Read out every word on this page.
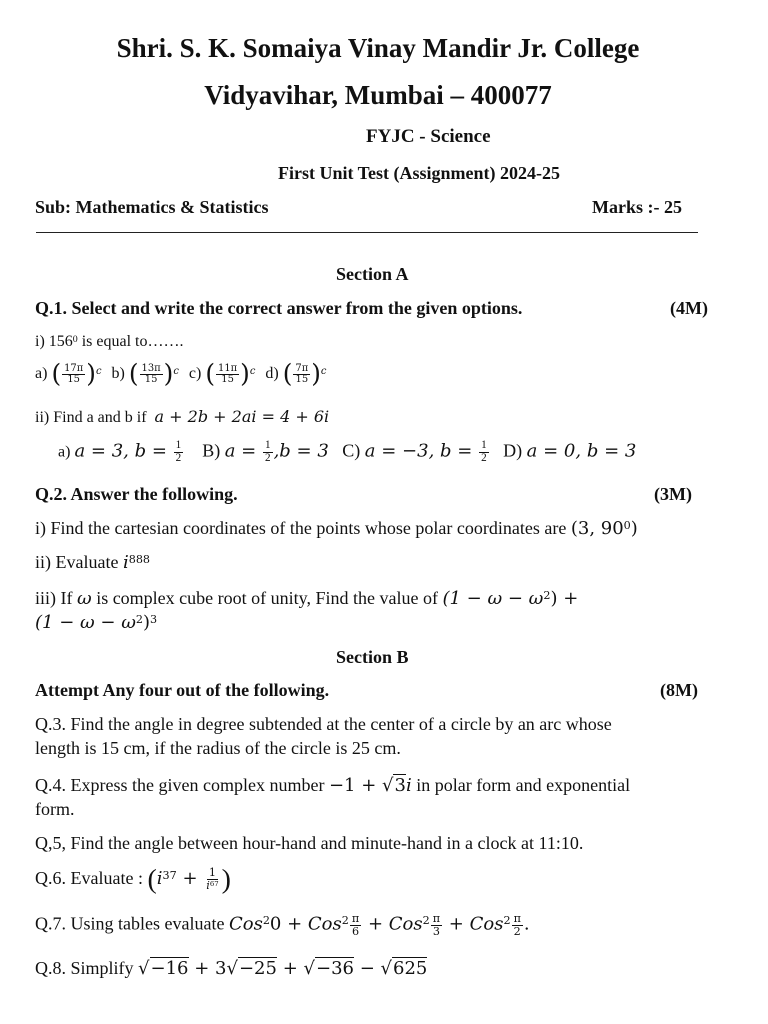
Shri. S. K. Somaiya Vinay Mandir Jr. College
Vidyavihar, Mumbai – 400077
FYJC - Science
First Unit Test (Assignment) 2024-25
Sub: Mathematics & Statistics	Marks :- 25
Section A
Q.1. Select and write the correct answer from the given options.	(4M)
i) $156^0$ is equal to…….
a) ( $\frac{17\pi}{15} )^c$ b) ( $\frac{13\pi}{15} )^c$ c) ( $\frac{11\pi}{15} )^c$ d) ( $\frac{7\pi}{15} )^c$
ii) Find a and b if  a + 2b + 2ai = 4 + 6i
a) a = 3, $b = \frac{1}{2} B$) $a = \frac{1}{2} ,b = 3$ C) a = −3, $b = \frac{1}{2} D$) a = 0, b = 3
Q.2. Answer the following.	(3M)
i) Find the cartesian coordinates of the points whose polar coordinates are (3, $90^0$)
ii) Evaluate $i^{888}$
iii) If ω is complex cube root of unity, Find the value of $(1 - \omega - \omega^2)$ +
$(1 - \omega - \omega^2)^3$
Section B
Attempt Any four out of the following.	(8M)
Q.3. Find the angle in degree subtended at the center of a circle by an arc whose
length is 15 cm, if the radius of the circle is 25 cm.
Q.4. Express the given complex number −1 + √3i in polar form and exponential
form.
Q,5, Find the angle between hour-hand and minute-hand in a clock at 11:10.
Q.6. Evaluate : ($i^{37} + \frac{1}{i^{67}}$ )
Q.7. Using tables evaluate $Cos^20 + Cos^2 \frac{\pi}{6} + Cos^2 \frac{\pi}{3} + Cos^2 \frac{\pi}{2}$ .
Q.8. Simplify √−16 + 3√−25 + √−36 − √625
